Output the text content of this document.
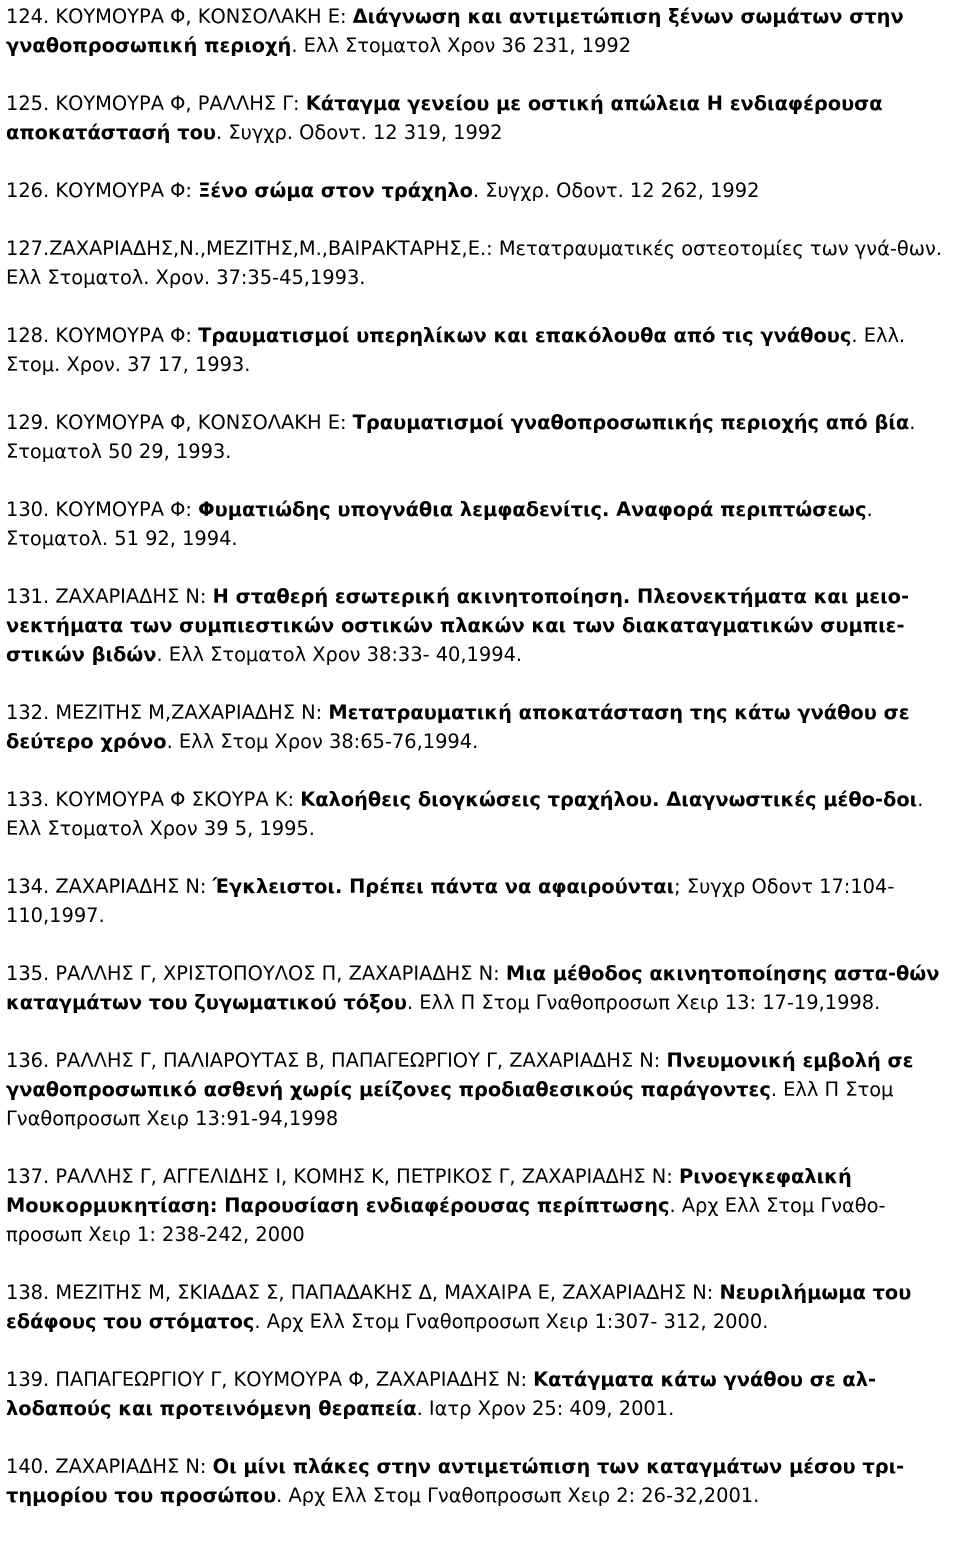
124. ΚΟΥΜΟΥΡΑ Φ, ΚΟΝΣΟΛΑΚΗ Ε: Διάγνωση και αντιμετώπιση ξένων σωμάτων στην γναθοπροσωπική περιοχή. Ελλ Στοματολ Χρον 36 231, 1992
125. ΚΟΥΜΟΥΡΑ Φ, ΡΑΛΛΗΣ Γ: Κάταγμα γενείου με οστική απώλεια Η ενδιαφέρουσα αποκατάστασή του. Συγχρ. Οδοντ. 12 319, 1992
126. ΚΟΥΜΟΥΡΑ Φ: Ξένο σώμα στον τράχηλο. Συγχρ. Οδοντ. 12 262, 1992
127.ΖΑΧΑΡΙΑΔΗΣ,Ν.,ΜΕΖΙΤΗΣ,Μ.,ΒΑΙΡΑΚΤΑΡΗΣ,Ε.: Μετατραυματικές οστεοτομίες των γνά-θων. Ελλ Στοματολ. Χρον. 37:35-45,1993.
128. ΚΟΥΜΟΥΡΑ Φ: Τραυματισμοί υπερηλίκων και επακόλουθα από τις γνάθους. Ελλ. Στομ. Χρον. 37 17, 1993.
129. ΚΟΥΜΟΥΡΑ Φ, ΚΟΝΣΟΛΑΚΗ Ε: Τραυματισμοί γναθοπροσωπικής περιοχής από βία. Στοματολ 50 29, 1993.
130. ΚΟΥΜΟΥΡΑ Φ: Φυματιώδης υπογνάθια λεμφαδενίτις. Αναφορά περιπτώσεως. Στοματολ. 51 92, 1994.
131. ΖΑΧΑΡΙΑΔΗΣ Ν: Η σταθερή εσωτερική ακινητοποίηση. Πλεονεκτήματα και μειο-νεκτήματα των συμπιεστικών οστικών πλακών και των διακαταγματικών συμπιε-στικών βιδών. Ελλ Στοματολ Χρον 38:33- 40,1994.
132. ΜΕΖΙΤΗΣ Μ,ΖΑΧΑΡΙΑΔΗΣ Ν: Μετατραυματική αποκατάσταση της κάτω γνάθου σε δεύτερο χρόνο. Ελλ Στομ Χρον 38:65-76,1994.
133. ΚΟΥΜΟΥΡΑ Φ ΣΚΟΥΡΑ Κ: Καλοήθεις διογκώσεις τραχήλου. Διαγνωστικές μέθο-δοι. Ελλ Στοματολ Χρον 39 5, 1995.
134. ΖΑΧΑΡΙΑΔΗΣ Ν: Έγκλειστοι. Πρέπει πάντα να αφαιρούνται; Συγχρ Οδοντ 17:104-110,1997.
135. ΡΑΛΛΗΣ Γ, ΧΡΙΣΤΟΠΟΥΛΟΣ Π, ΖΑΧΑΡΙΑΔΗΣ Ν: Μια μέθοδος ακινητοποίησης αστα-θών καταγμάτων του ζυγωματικού τόξου. Ελλ Π Στομ Γναθοπροσωπ Χειρ 13: 17-19,1998.
136. ΡΑΛΛΗΣ Γ, ΠΑΛΙΑΡΟΥΤΑΣ Β, ΠΑΠΑΓΕΩΡΓΙΟΥ Γ, ΖΑΧΑΡΙΑΔΗΣ Ν: Πνευμονική εμβολή σε γναθοπροσωπικό ασθενή χωρίς μείζονες προδιαθεσικούς παράγοντες. Ελλ Π Στομ Γναθοπροσωπ Χειρ 13:91-94,1998
137. ΡΑΛΛΗΣ Γ, ΑΓΓΕΛΙΔΗΣ Ι, ΚΟΜΗΣ Κ, ΠΕΤΡΙΚΟΣ Γ, ΖΑΧΑΡΙΑΔΗΣ Ν: Ρινοεγκεφαλική Μουκορμυκητίαση: Παρουσίαση ενδιαφέρουσας περίπτωσης. Αρχ Ελλ Στομ Γναθο-προσωπ Χειρ 1: 238-242, 2000
138. ΜΕΖΙΤΗΣ Μ, ΣΚΙΑΔΑΣ Σ, ΠΑΠΑΔΑΚΗΣ Δ, ΜΑΧΑΙΡΑ Ε, ΖΑΧΑΡΙΑΔΗΣ Ν: Νευριλήμωμα του εδάφους του στόματος. Αρχ Ελλ Στομ Γναθοπροσωπ Χειρ 1:307- 312, 2000.
139. ΠΑΠΑΓΕΩΡΓΙΟΥ Γ, ΚΟΥΜΟΥΡΑ Φ, ΖΑΧΑΡΙΑΔΗΣ Ν: Κατάγματα κάτω γνάθου σε αλ-λοδαπούς και προτεινόμενη θεραπεία. Ιατρ Χρον 25: 409, 2001.
140. ΖΑΧΑΡΙΑΔΗΣ Ν: Οι μίνι πλάκες στην αντιμετώπιση των καταγμάτων μέσου τρι-τημορίου του προσώπου. Αρχ Ελλ Στομ Γναθοπροσωπ Χειρ 2: 26-32,2001.
